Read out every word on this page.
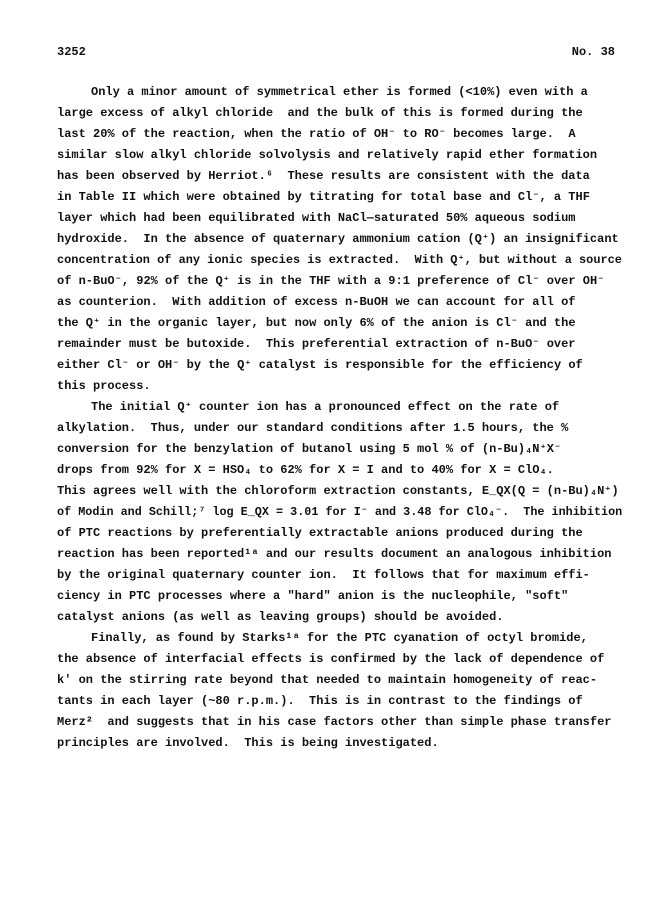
3252	No. 38
Only a minor amount of symmetrical ether is formed (<10%) even with a
large excess of alkyl chloride  and the bulk of this is formed during the
last 20% of the reaction, when the ratio of OH⁻ to RO⁻ becomes large.  A
similar slow alkyl chloride solvolysis and relatively rapid ether formation
has been observed by Herriot.⁶  These results are consistent with the data
in Table II which were obtained by titrating for total base and Cl⁻, a THF
layer which had been equilibrated with NaCl—saturated 50% aqueous sodium
hydroxide.  In the absence of quaternary ammonium cation (Q⁺) an insignificant
concentration of any ionic species is extracted.  With Q⁺, but without a source
of n-BuO⁻, 92% of the Q⁺ is in the THF with a 9:1 preference of Cl⁻ over OH⁻
as counterion.  With addition of excess n-BuOH we can account for all of
the Q⁺ in the organic layer, but now only 6% of the anion is Cl⁻ and the
remainder must be butoxide.  This preferential extraction of n-BuO⁻ over
either Cl⁻ or OH⁻ by the Q⁺ catalyst is responsible for the efficiency of
this process.
The initial Q⁺ counter ion has a pronounced effect on the rate of
alkylation.  Thus, under our standard conditions after 1.5 hours, the %
conversion for the benzylation of butanol using 5 mol % of (n-Bu)₄N⁺X⁻
drops from 92% for X = HSO₄ to 62% for X = I and to 40% for X = ClO₄.
This agrees well with the chloroform extraction constants, E_QX(Q = (n-Bu)₄N⁺)
of Modin and Schill;⁷ log E_QX = 3.01 for I⁻ and 3.48 for ClO₄⁻.  The inhibition
of PTC reactions by preferentially extractable anions produced during the
reaction has been reported¹ᵃ and our results document an analogous inhibition
by the original quaternary counter ion.  It follows that for maximum effi-
ciency in PTC processes where a "hard" anion is the nucleophile, "soft"
catalyst anions (as well as leaving groups) should be avoided.
Finally, as found by Starks¹ᵃ for the PTC cyanation of octyl bromide,
the absence of interfacial effects is confirmed by the lack of dependence of
k' on the stirring rate beyond that needed to maintain homogeneity of reac-
tants in each layer (~80 r.p.m.).  This is in contrast to the findings of
Merz²  and suggests that in his case factors other than simple phase transfer
principles are involved.  This is being investigated.
